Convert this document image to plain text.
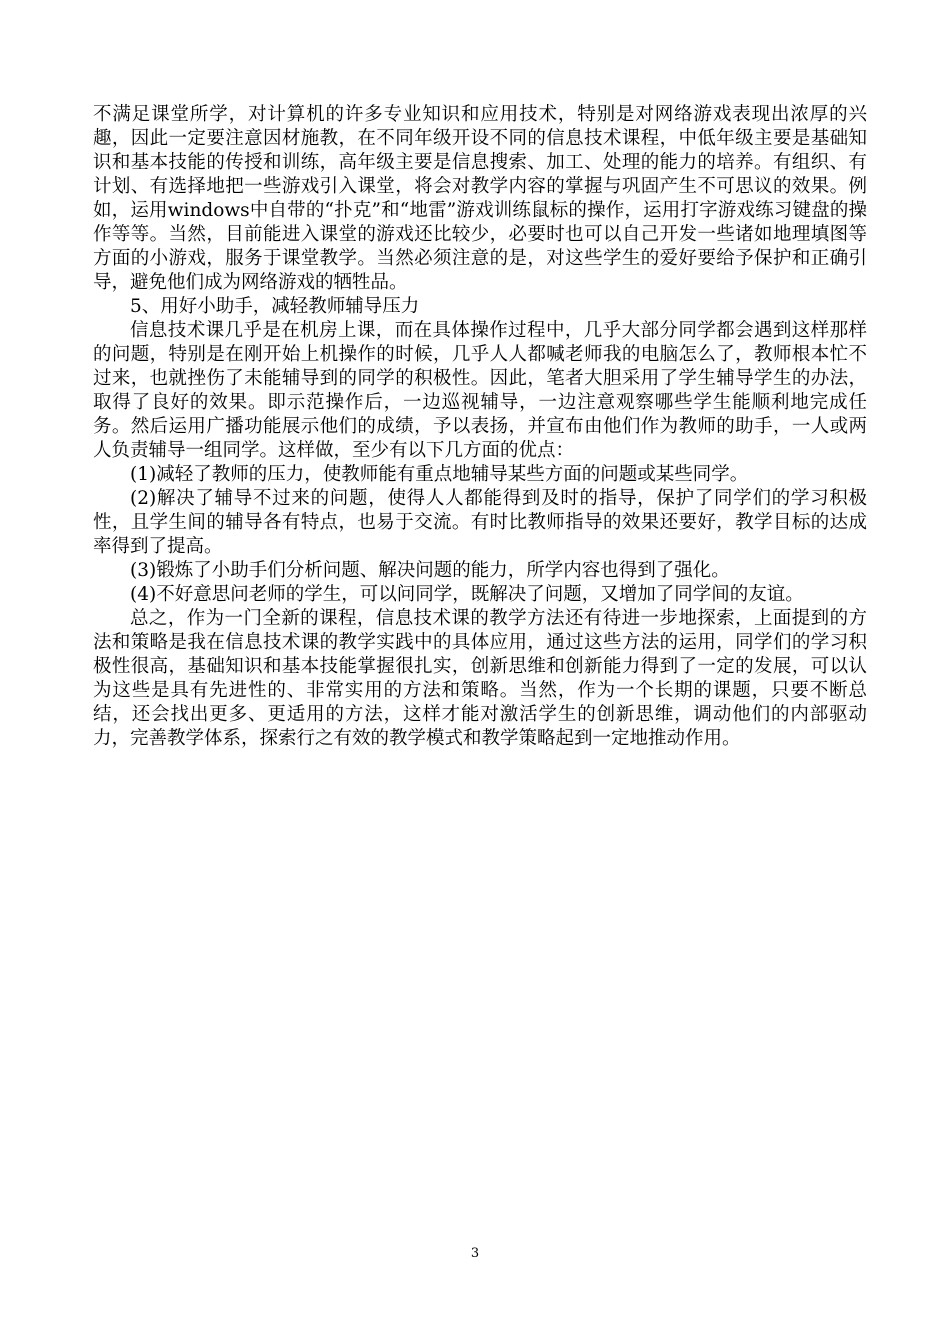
不满足课堂所学，对计算机的许多专业知识和应用技术，特别是对网络游戏表现出浓厚的兴趣，因此一定要注意因材施教，在不同年级开设不同的信息技术课程，中低年级主要是基础知识和基本技能的传授和训练，高年级主要是信息搜索、加工、处理的能力的培养。有组织、有计划、有选择地把一些游戏引入课堂，将会对教学内容的掌握与巩固产生不可思议的效果。例如，运用windows中自带的“扑克”和“地雷”游戏训练鼠标的操作，运用打字游戏练习键盘的操作等等。当然，目前能进入课堂的游戏还比较少，必要时也可以自己开发一些诸如地理填图等方面的小游戏，服务于课堂教学。当然必须注意的是，对这些学生的爱好要给予保护和正确引导，避免他们成为网络游戏的牺牲品。

5、用好小助手，减轻教师辅导压力

信息技术课几乎是在机房上课，而在具体操作过程中，几乎大部分同学都会遇到这样那样的问题，特别是在刚开始上机操作的时候，几乎人人都喊老师我的电脑怎么了，教师根本忙不过来，也就挫伤了未能辅导到的同学的积极性。因此，笔者大胆采用了学生辅导学生的办法，取得了良好的效果。即示范操作后，一边巡视辅导，一边注意观察哪些学生能顺利地完成任务。然后运用广播功能展示他们的成绩，予以表扬，并宣布由他们作为教师的助手，一人或两人负责辅导一组同学。这样做，至少有以下几方面的优点：

(1)减轻了教师的压力，使教师能有重点地辅导某些方面的问题或某些同学。

(2)解决了辅导不过来的问题，使得人人都能得到及时的指导，保护了同学们的学习积极性，且学生间的辅导各有特点，也易于交流。有时比教师指导的效果还要好，教学目标的达成率得到了提高。

(3)锻炼了小助手们分析问题、解决问题的能力，所学内容也得到了强化。

(4)不好意思问老师的学生，可以问同学，既解决了问题，又增加了同学间的友谊。

总之，作为一门全新的课程，信息技术课的教学方法还有待进一步地探索，上面提到的方法和策略是我在信息技术课的教学实践中的具体应用，通过这些方法的运用，同学们的学习积极性很高，基础知识和基本技能掌握很扎实，创新思维和创新能力得到了一定的发展，可以认为这些是具有先进性的、非常实用的方法和策略。当然，作为一个长期的课题，只要不断总结，还会找出更多、更适用的方法，这样才能对激活学生的创新思维，调动他们的内部驱动力，完善教学体系，探索行之有效的教学模式和教学策略起到一定地推动作用。

3
